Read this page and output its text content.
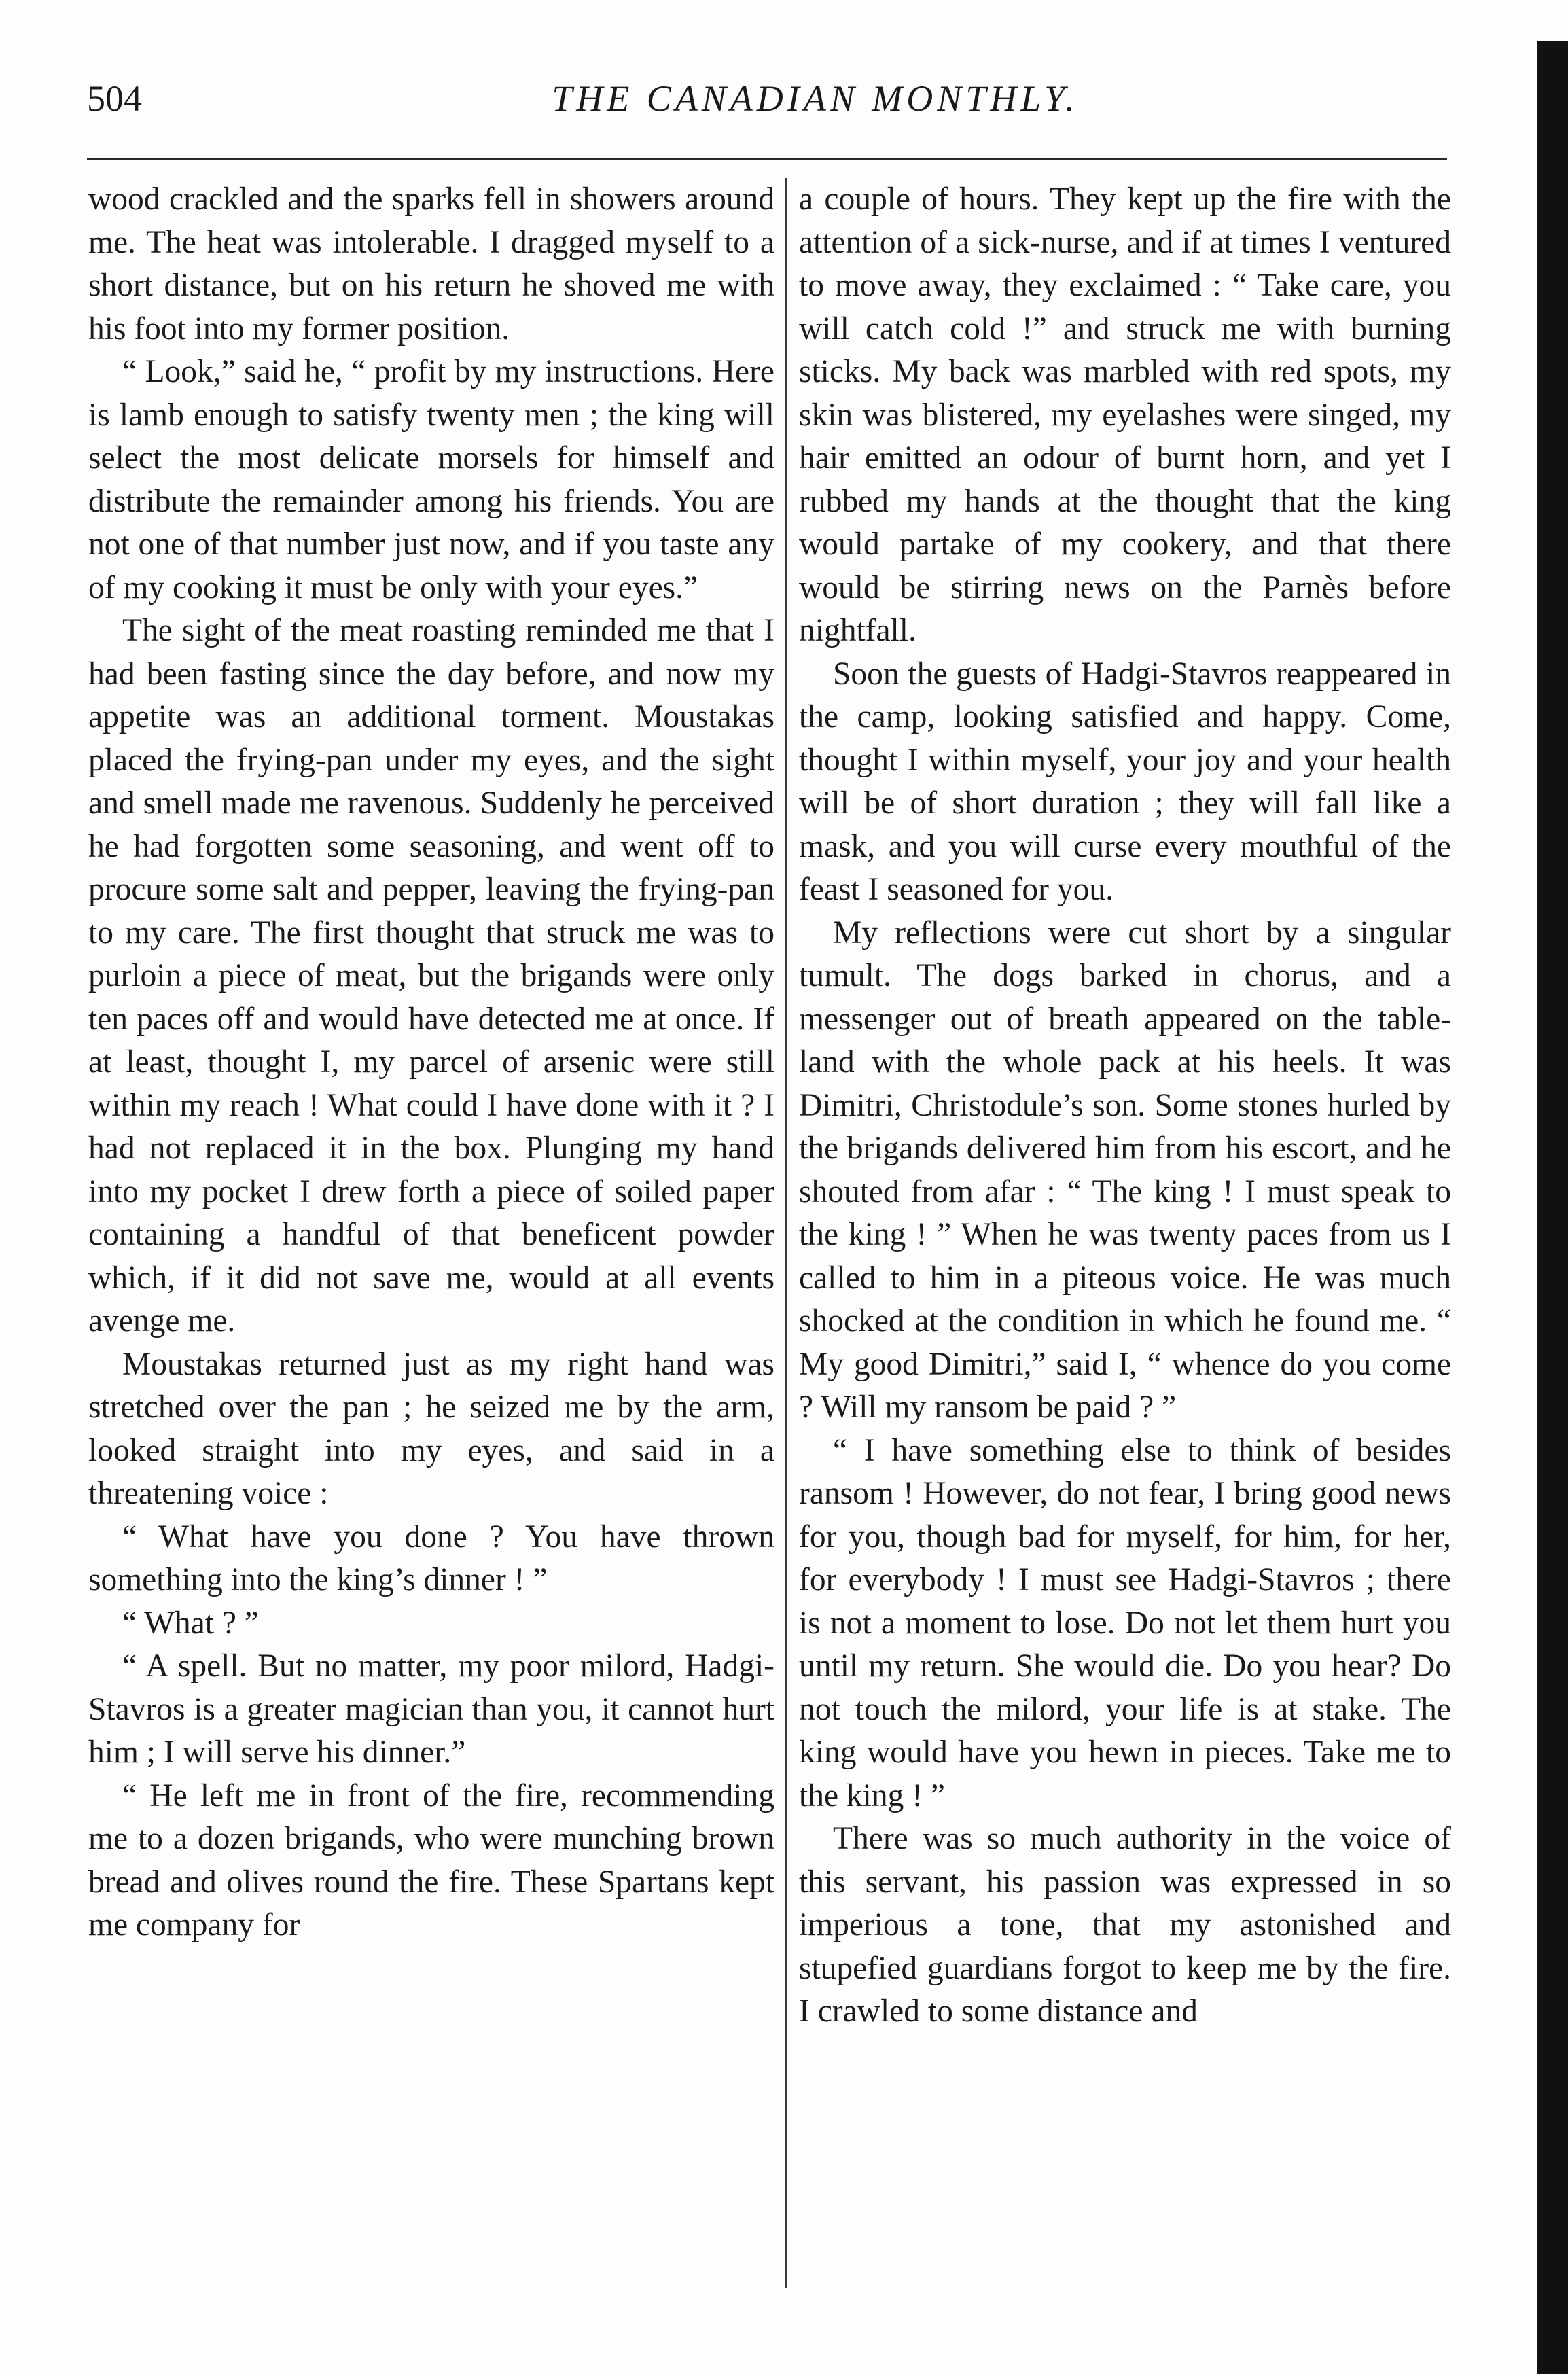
504	THE CANADIAN MONTHLY.

wood crackled and the sparks fell in showers around me. The heat was intolerable. I dragged myself to a short distance, but on his return he shoved me with his foot into my former position.

“ Look,” said he, “ profit by my instructions. Here is lamb enough to satisfy twenty men ; the king will select the most delicate morsels for himself and distribute the remainder among his friends. You are not one of that number just now, and if you taste any of my cooking it must be only with your eyes.”

The sight of the meat roasting reminded me that I had been fasting since the day before, and now my appetite was an additional torment. Moustakas placed the frying-pan under my eyes, and the sight and smell made me ravenous. Suddenly he perceived he had forgotten some seasoning, and went off to procure some salt and pepper, leaving the frying-pan to my care. The first thought that struck me was to purloin a piece of meat, but the brigands were only ten paces off and would have detected me at once. If at least, thought I, my parcel of arsenic were still within my reach ! What could I have done with it ? I had not replaced it in the box. Plunging my hand into my pocket I drew forth a piece of soiled paper containing a handful of that beneficent powder which, if it did not save me, would at all events avenge me.

Moustakas returned just as my right hand was stretched over the pan ; he seized me by the arm, looked straight into my eyes, and said in a threatening voice :

“ What have you done ? You have thrown something into the king’s dinner ! ”

“ What ? ”

“ A spell. But no matter, my poor milord, Hadgi-Stavros is a greater magician than you, it cannot hurt him ; I will serve his dinner.”

“ He left me in front of the fire, recommending me to a dozen brigands, who were munching brown bread and olives round the fire. These Spartans kept me company for

a couple of hours. They kept up the fire with the attention of a sick-nurse, and if at times I ventured to move away, they exclaimed : “ Take care, you will catch cold !” and struck me with burning sticks. My back was marbled with red spots, my skin was blistered, my eyelashes were singed, my hair emitted an odour of burnt horn, and yet I rubbed my hands at the thought that the king would partake of my cookery, and that there would be stirring news on the Parnès before nightfall.

Soon the guests of Hadgi-Stavros reappeared in the camp, looking satisfied and happy. Come, thought I within myself, your joy and your health will be of short duration ; they will fall like a mask, and you will curse every mouthful of the feast I seasoned for you.

My reflections were cut short by a singular tumult. The dogs barked in chorus, and a messenger out of breath appeared on the table-land with the whole pack at his heels. It was Dimitri, Christodule’s son. Some stones hurled by the brigands delivered him from his escort, and he shouted from afar : “ The king ! I must speak to the king ! ” When he was twenty paces from us I called to him in a piteous voice. He was much shocked at the condition in which he found me. “ My good Dimitri,” said I, “ whence do you come ? Will my ransom be paid ? ”

“ I have something else to think of besides ransom ! However, do not fear, I bring good news for you, though bad for myself, for him, for her, for everybody ! I must see Hadgi-Stavros ; there is not a moment to lose. Do not let them hurt you until my return. She would die. Do you hear? Do not touch the milord, your life is at stake. The king would have you hewn in pieces. Take me to the king ! ”

There was so much authority in the voice of this servant, his passion was expressed in so imperious a tone, that my astonished and stupefied guardians forgot to keep me by the fire. I crawled to some distance and
